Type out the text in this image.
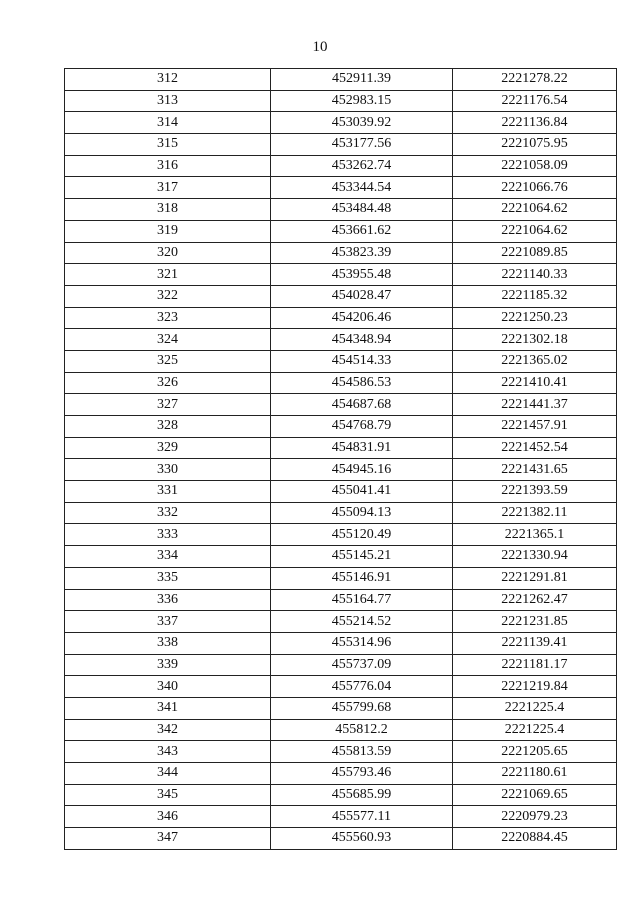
10
312	452911.39	2221278.22
313	452983.15	2221176.54
314	453039.92	2221136.84
315	453177.56	2221075.95
316	453262.74	2221058.09
317	453344.54	2221066.76
318	453484.48	2221064.62
319	453661.62	2221064.62
320	453823.39	2221089.85
321	453955.48	2221140.33
322	454028.47	2221185.32
323	454206.46	2221250.23
324	454348.94	2221302.18
325	454514.33	2221365.02
326	454586.53	2221410.41
327	454687.68	2221441.37
328	454768.79	2221457.91
329	454831.91	2221452.54
330	454945.16	2221431.65
331	455041.41	2221393.59
332	455094.13	2221382.11
333	455120.49	2221365.1
334	455145.21	2221330.94
335	455146.91	2221291.81
336	455164.77	2221262.47
337	455214.52	2221231.85
338	455314.96	2221139.41
339	455737.09	2221181.17
340	455776.04	2221219.84
341	455799.68	2221225.4
342	455812.2	2221225.4
343	455813.59	2221205.65
344	455793.46	2221180.61
345	455685.99	2221069.65
346	455577.11	2220979.23
347	455560.93	2220884.45
